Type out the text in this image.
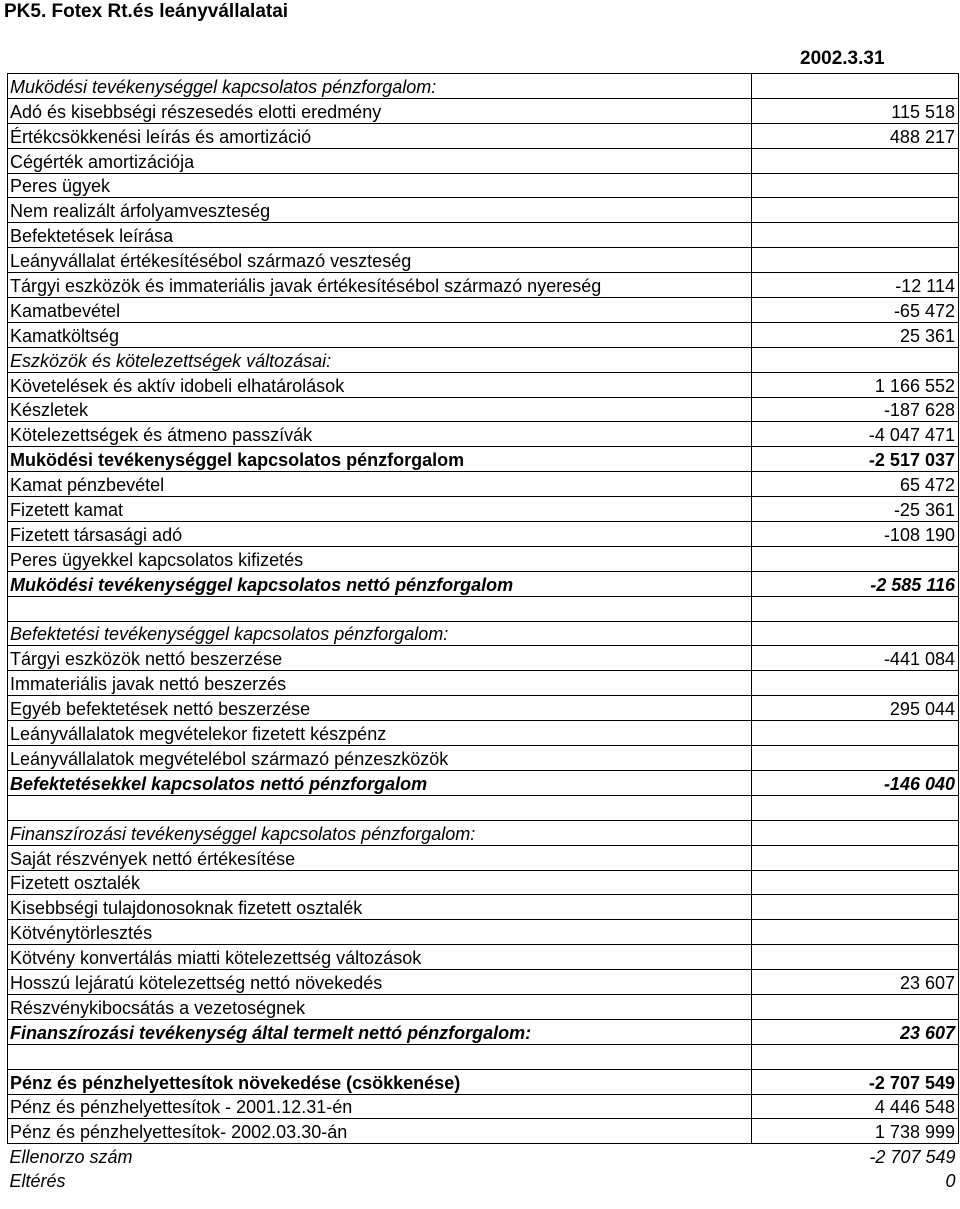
PK5. Fotex Rt.és leányvállalatai
2002.3.31
Muködési tevékenységgel kapcsolatos pénzforgalom:	
Adó és kisebbségi részesedés elotti eredmény	115 518
Értékcsökkenési leírás és amortizáció	488 217
Cégérték amortizációja	
Peres ügyek	
Nem realizált árfolyamveszteség	
Befektetések leírása	
Leányvállalat értékesítésébol származó veszteség	
Tárgyi eszközök és immateriális javak értékesítésébol származó nyereség	-12 114
Kamatbevétel	-65 472
Kamatköltség	25 361
Eszközök és kötelezettségek változásai:	
Követelések és aktív idobeli elhatárolások	1 166 552
Készletek	-187 628
Kötelezettségek és átmeno passzívák	-4 047 471
Muködési tevékenységgel kapcsolatos pénzforgalom	-2 517 037
Kamat pénzbevétel	65 472
Fizetett kamat	-25 361
Fizetett társasági adó	-108 190
Peres ügyekkel kapcsolatos kifizetés	
Muködési tevékenységgel kapcsolatos nettó pénzforgalom	-2 585 116

Befektetési tevékenységgel kapcsolatos pénzforgalom:	
Tárgyi eszközök nettó beszerzése	-441 084
Immateriális javak nettó beszerzés	
Egyéb befektetések nettó beszerzése	295 044
Leányvállalatok megvételekor fizetett készpénz	
Leányvállalatok megvételébol származó pénzeszközök	
Befektetésekkel kapcsolatos nettó pénzforgalom	-146 040

Finanszírozási tevékenységgel kapcsolatos pénzforgalom:	
Saját részvények nettó értékesítése	
Fizetett osztalék	
Kisebbségi tulajdonosoknak fizetett osztalék	
Kötvénytörlesztés	
Kötvény konvertálás miatti kötelezettség változások	
Hosszú lejáratú kötelezettség nettó növekedés	23 607
Részvénykibocsátás a vezetoségnek	
Finanszírozási tevékenység által termelt nettó pénzforgalom:	23 607

Pénz és pénzhelyettesítok növekedése (csökkenése)	-2 707 549
Pénz és pénzhelyettesítok - 2001.12.31-én	4 446 548
Pénz és pénzhelyettesítok- 2002.03.30-án	1 738 999
Ellenorzo szám	-2 707 549
Eltérés	0
